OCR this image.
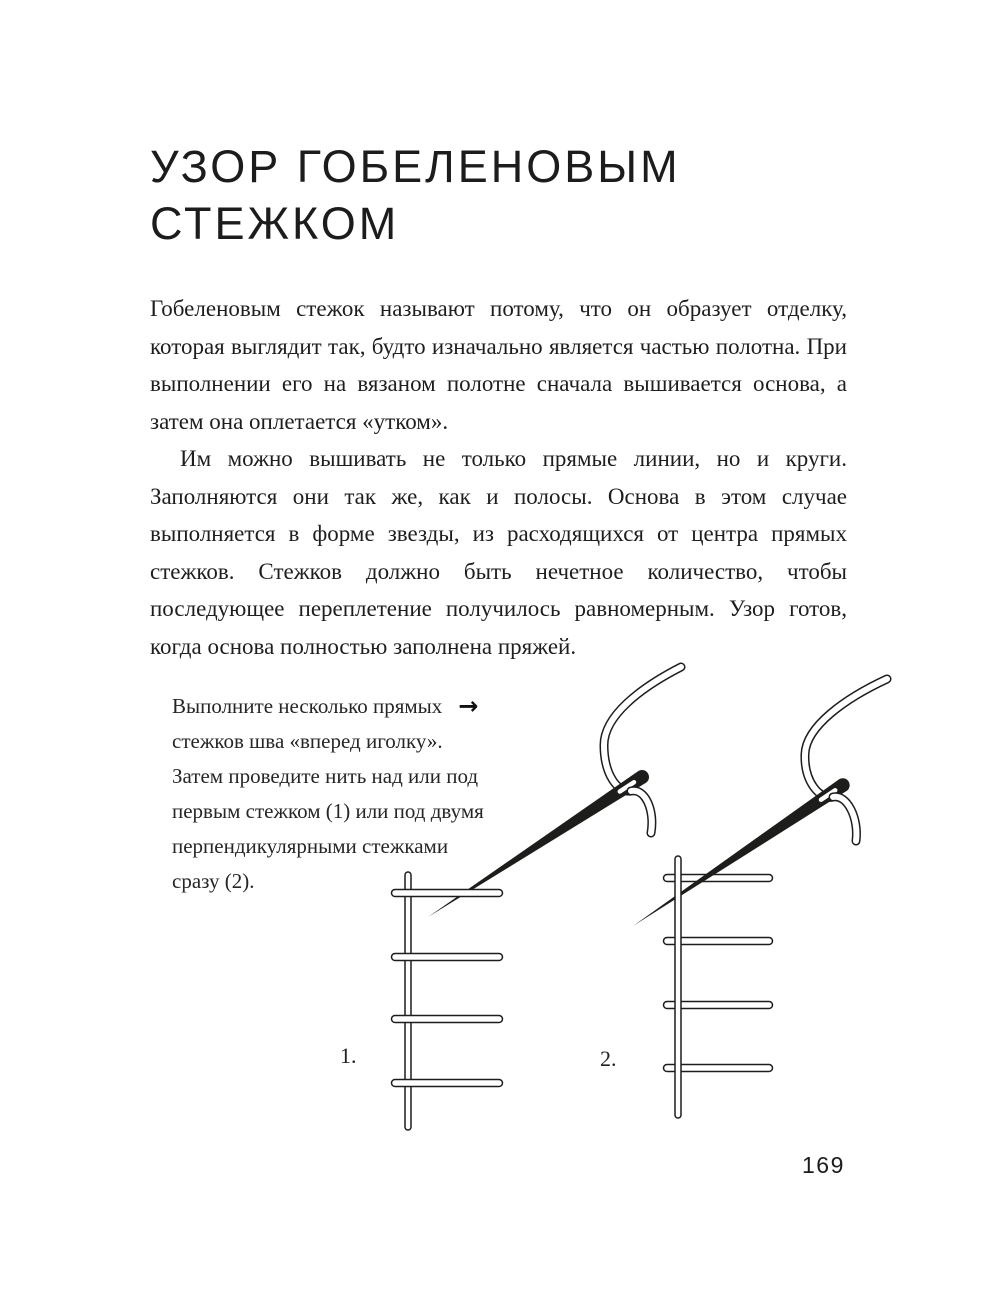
УЗОР ГОБЕЛЕНОВЫМ
СТЕЖКОМ

Гобеленовым стежок называют потому, что он образует отделку, которая выглядит так, будто изначально является частью полотна. При выполнении его на вязаном полотне сначала вышивается основа, а затем она оплетается «утком».

Им можно вышивать не только прямые линии, но и круги. Заполняются они так же, как и полосы. Основа в этом случае выполняется в форме звезды, из расходящихся от центра прямых стежков. Стежков должно быть нечетное количество, чтобы последующее переплетение получилось равномерным. Узор готов, когда основа полностью заполнена пряжей.

Выполните несколько прямых →
стежков шва «вперед иголку».
Затем проведите нить над или под
первым стежком (1) или под двумя
перпендикулярными стежками
сразу (2).
1.	2.
169
